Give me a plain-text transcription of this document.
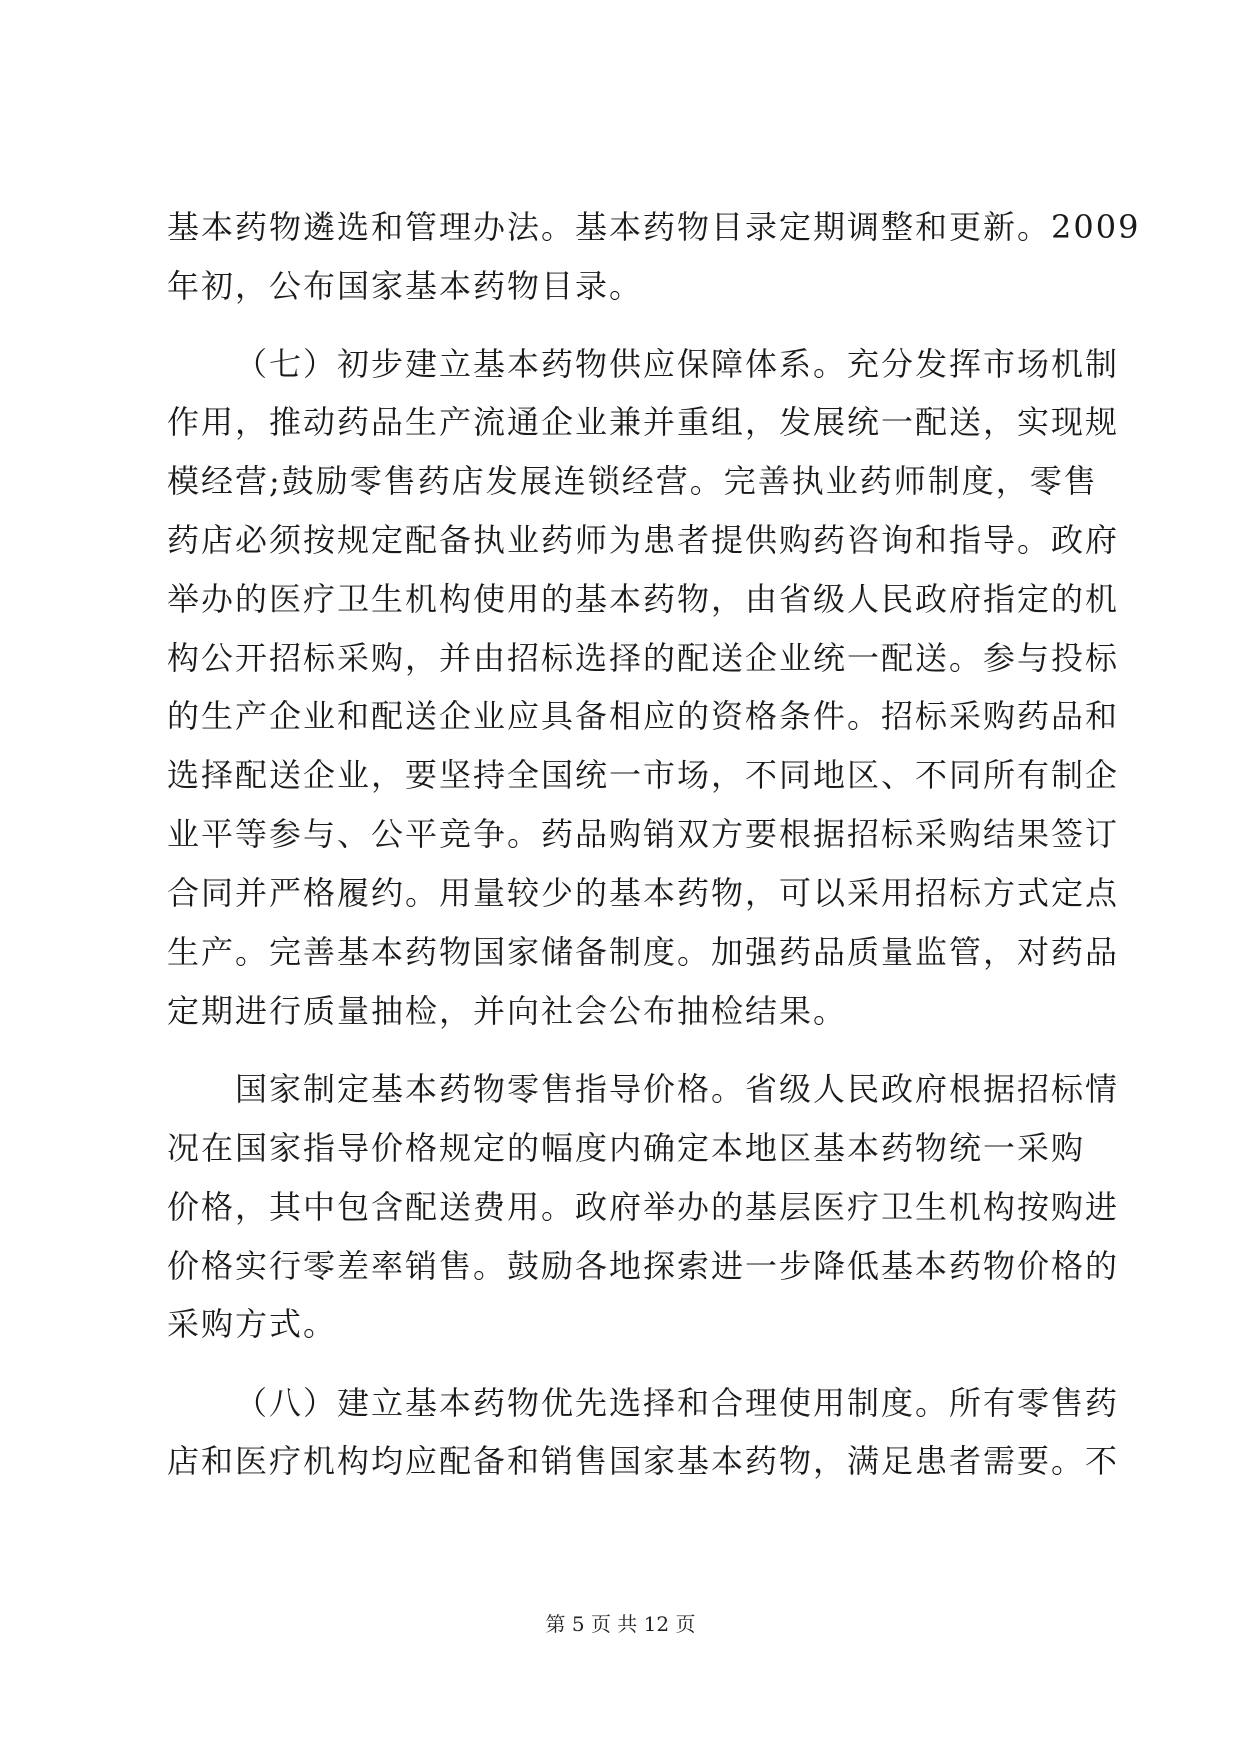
基本药物遴选和管理办法。基本药物目录定期调整和更新。2009
年初，公布国家基本药物目录。
（七）初步建立基本药物供应保障体系。充分发挥市场机制
作用，推动药品生产流通企业兼并重组，发展统一配送，实现规
模经营;鼓励零售药店发展连锁经营。完善执业药师制度，零售
药店必须按规定配备执业药师为患者提供购药咨询和指导。政府
举办的医疗卫生机构使用的基本药物，由省级人民政府指定的机
构公开招标采购，并由招标选择的配送企业统一配送。参与投标
的生产企业和配送企业应具备相应的资格条件。招标采购药品和
选择配送企业，要坚持全国统一市场，不同地区、不同所有制企
业平等参与、公平竞争。药品购销双方要根据招标采购结果签订
合同并严格履约。用量较少的基本药物，可以采用招标方式定点
生产。完善基本药物国家储备制度。加强药品质量监管，对药品
定期进行质量抽检，并向社会公布抽检结果。
国家制定基本药物零售指导价格。省级人民政府根据招标情
况在国家指导价格规定的幅度内确定本地区基本药物统一采购
价格，其中包含配送费用。政府举办的基层医疗卫生机构按购进
价格实行零差率销售。鼓励各地探索进一步降低基本药物价格的
采购方式。
（八）建立基本药物优先选择和合理使用制度。所有零售药
店和医疗机构均应配备和销售国家基本药物，满足患者需要。不
第 5 页 共 12 页
